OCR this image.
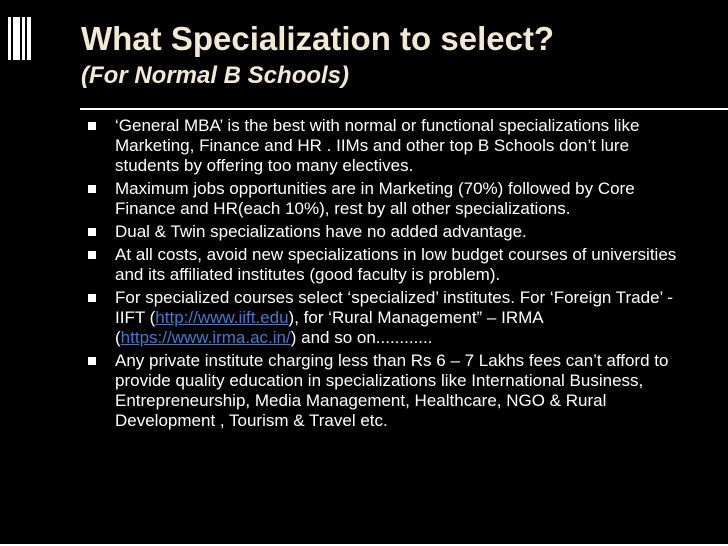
What Specialization to select?
(For Normal B Schools)
‘General MBA’ is the best with normal or functional specializations like Marketing, Finance and HR . IIMs and other top B Schools don’t lure students by offering too many electives.
Maximum jobs opportunities are in Marketing (70%) followed by Core Finance and HR(each 10%), rest by all other specializations.
Dual & Twin specializations have no added advantage.
At all costs, avoid new specializations in low budget courses of universities and its affiliated institutes (good faculty is problem).
For specialized courses select ‘specialized’ institutes. For ‘Foreign Trade’ - IIFT (http://www.iift.edu), for ‘Rural Management” – IRMA (https://www.irma.ac.in/) and so on............
Any private institute charging less than Rs 6 – 7 Lakhs fees can’t afford to provide quality education in specializations like International Business, Entrepreneurship, Media Management, Healthcare, NGO & Rural Development , Tourism & Travel etc.
